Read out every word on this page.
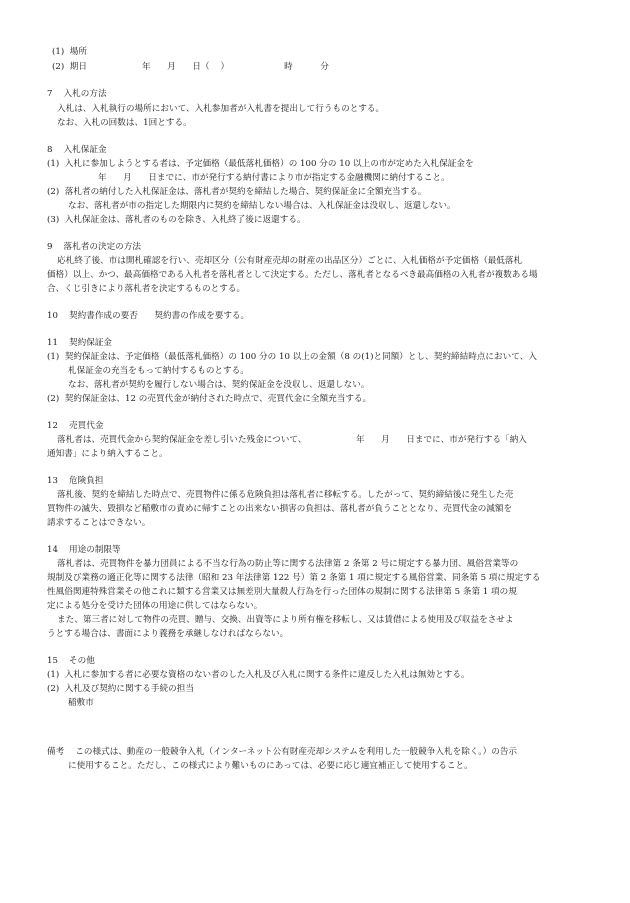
(1)  場所
(2)  期日                    年      月      日（    ）                    時          分
7    入札の方法
入札は、入札執行の場所において、入札参加者が入札書を提出して行うものとする。
なお、入札の回数は、1回とする。
8    入札保証金
(1)  入札に参加しようとする者は、予定価格（最低落札価格）の 100 分の 10 以上の市が定めた入札保証金を
年      月      日までに、市が発行する納付書により市が指定する金融機関に納付すること。
(2)  落札者の納付した入札保証金は、落札者が契約を締結した場合、契約保証金に全額充当する。
なお、落札者が市の指定した期限内に契約を締結しない場合は、入札保証金は没収し、返還しない。
(3)  入札保証金は、落札者のものを除き、入札終了後に返還する。
9    落札者の決定の方法
応札終了後、市は開札確認を行い、売却区分（公有財産売却の財産の出品区分）ごとに、入札価格が予定価格（最低落札
価格）以上、かつ、最高価格である入札者を落札者として決定する。ただし、落札者となるべき最高価格の入札者が複数ある場
合、くじ引きにより落札者を決定するものとする。
10    契約書作成の要否      契約書の作成を要する。
11    契約保証金
(1)  契約保証金は、予定価格（最低落札価格）の 100 分の 10 以上の金額（8 の(1)と同額）とし、契約締結時点において、入
札保証金の充当をもって納付するものとする。
なお、落札者が契約を履行しない場合は、契約保証金を没収し、返還しない。
(2)  契約保証金は、12 の売買代金が納付された時点で、売買代金に全額充当する。
12    売買代金
落札者は、売買代金から契約保証金を差し引いた残金について、                  年      月      日までに、市が発行する「納入
通知書」により納入すること。
13    危険負担
落札後、契約を締結した時点で、売買物件に係る危険負担は落札者に移転する。したがって、契約締結後に発生した売
買物件の滅失、毀損など稲敷市の責めに帰すことの出来ない損害の負担は、落札者が負うこととなり、売買代金の減額を
請求することはできない。
14    用途の制限等
落札者は、売買物件を暴力団員による不当な行為の防止等に関する法律第 2 条第 2 号に規定する暴力団、風俗営業等の
規制及び業務の適正化等に関する法律（昭和 23 年法律第 122 号）第 2 条第 1 項に規定する風俗営業、同条第 5 項に規定する
性風俗関連特殊営業その他これに類する営業又は無差別大量殺人行為を行った団体の規制に関する法律第 5 条第 1 項の規
定による処分を受けた団体の用途に供してはならない。
また、第三者に対して物件の売買、贈与、交換、出資等により所有権を移転し、又は賃借による使用及び収益をさせよ
うとする場合は、書面により義務を承継しなければならない。
15    その他
(1)  入札に参加する者に必要な資格のない者のした入札及び入札に関する条件に違反した入札は無効とする。
(2)  入札及び契約に関する手続の担当
稲敷市
備考    この様式は、動産の一般競争入札（インターネット公有財産売却システムを利用した一般競争入札を除く。）の告示
に使用すること。ただし、この様式により難いものにあっては、必要に応じ適宜補正して使用すること。
